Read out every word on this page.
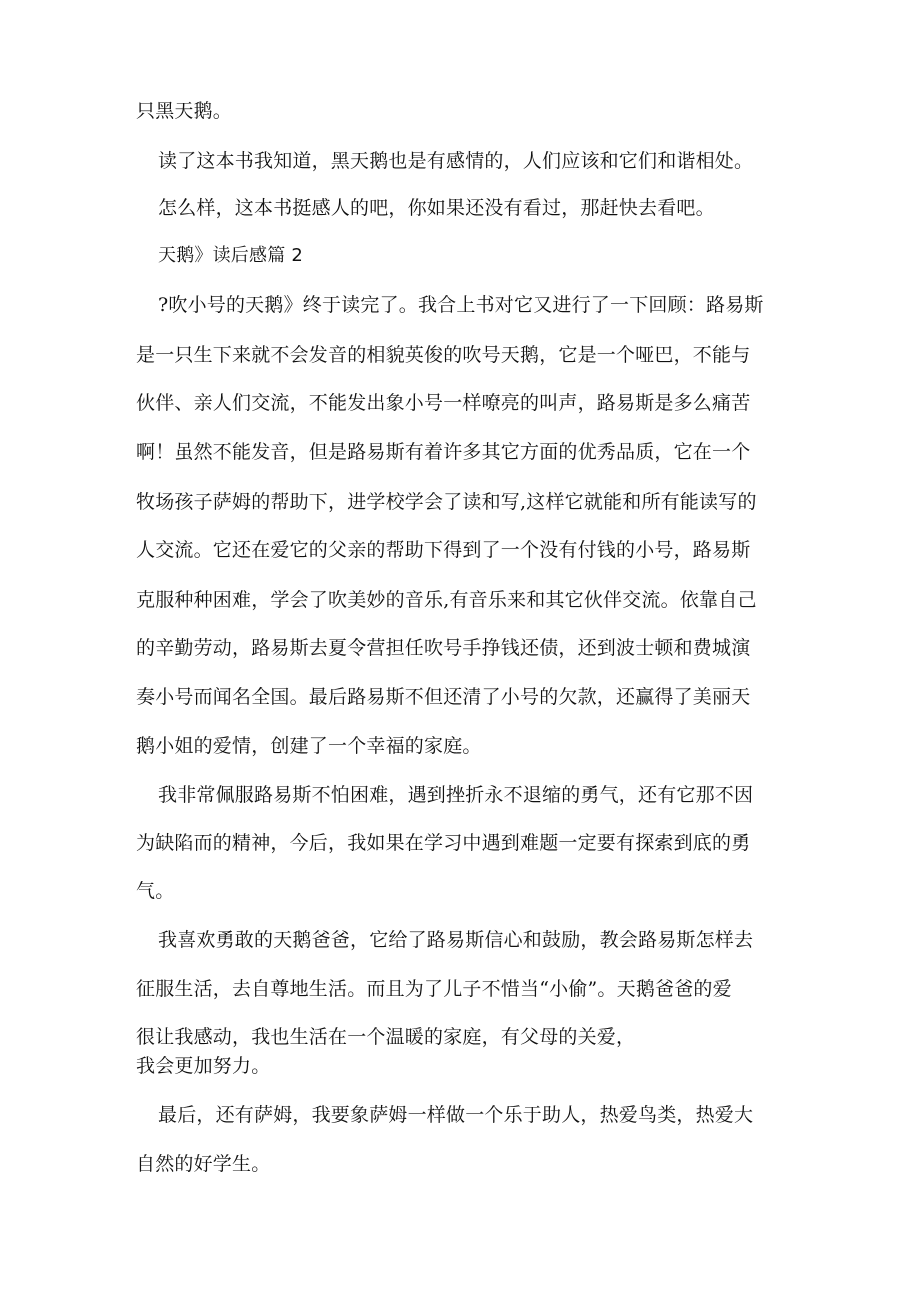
只黑天鹅。
读了这本书我知道，黑天鹅也是有感情的，人们应该和它们和谐相处。
怎么样，这本书挺感人的吧，你如果还没有看过，那赶快去看吧。
天鹅》读后感篇 2
?吹小号的天鹅》终于读完了。我合上书对它又进行了一下回顾：路易斯
是一只生下来就不会发音的相貌英俊的吹号天鹅，它是一个哑巴，不能与
伙伴、亲人们交流，不能发出象小号一样嘹亮的叫声，路易斯是多么痛苦
啊！虽然不能发音，但是路易斯有着许多其它方面的优秀品质，它在一个
牧场孩子萨姆的帮助下，进学校学会了读和写,这样它就能和所有能读写的
人交流。它还在爱它的父亲的帮助下得到了一个没有付钱的小号，路易斯
克服种种困难，学会了吹美妙的音乐,有音乐来和其它伙伴交流。依靠自己
的辛勤劳动，路易斯去夏令营担任吹号手挣钱还债，还到波士顿和费城演
奏小号而闻名全国。最后路易斯不但还清了小号的欠款，还赢得了美丽天
鹅小姐的爱情，创建了一个幸福的家庭。
我非常佩服路易斯不怕困难，遇到挫折永不退缩的勇气，还有它那不因
为缺陷而的精神，今后，我如果在学习中遇到难题一定要有探索到底的勇
气。
我喜欢勇敢的天鹅爸爸，它给了路易斯信心和鼓励，教会路易斯怎样去
征服生活，去自尊地生活。而且为了儿子不惜当“小偷”。天鹅爸爸的爱
很让我感动，我也生活在一个温暖的家庭，有父母的关爱，
我会更加努力。
最后，还有萨姆，我要象萨姆一样做一个乐于助人，热爱鸟类，热爱大
自然的好学生。
